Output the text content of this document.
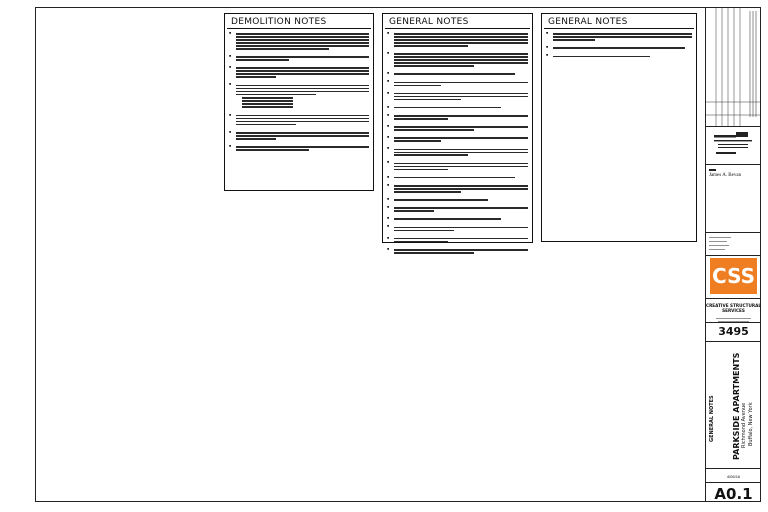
DEMOLITION NOTES
■
■
■
■
■
■
■
GENERAL NOTES
■
■
■
■
■
■
■
■
■
■
■
■
■
■
■
■
■
■
■
GENERAL NOTES
■
■
■
James A. Bevan
CSS
CREATIVE STRUCTURAL SERVICES
3495
GENERAL NOTES PARKSIDE APARTMENTS Richmond Avenue Buffalo, New York
4/06/16
A0.1
